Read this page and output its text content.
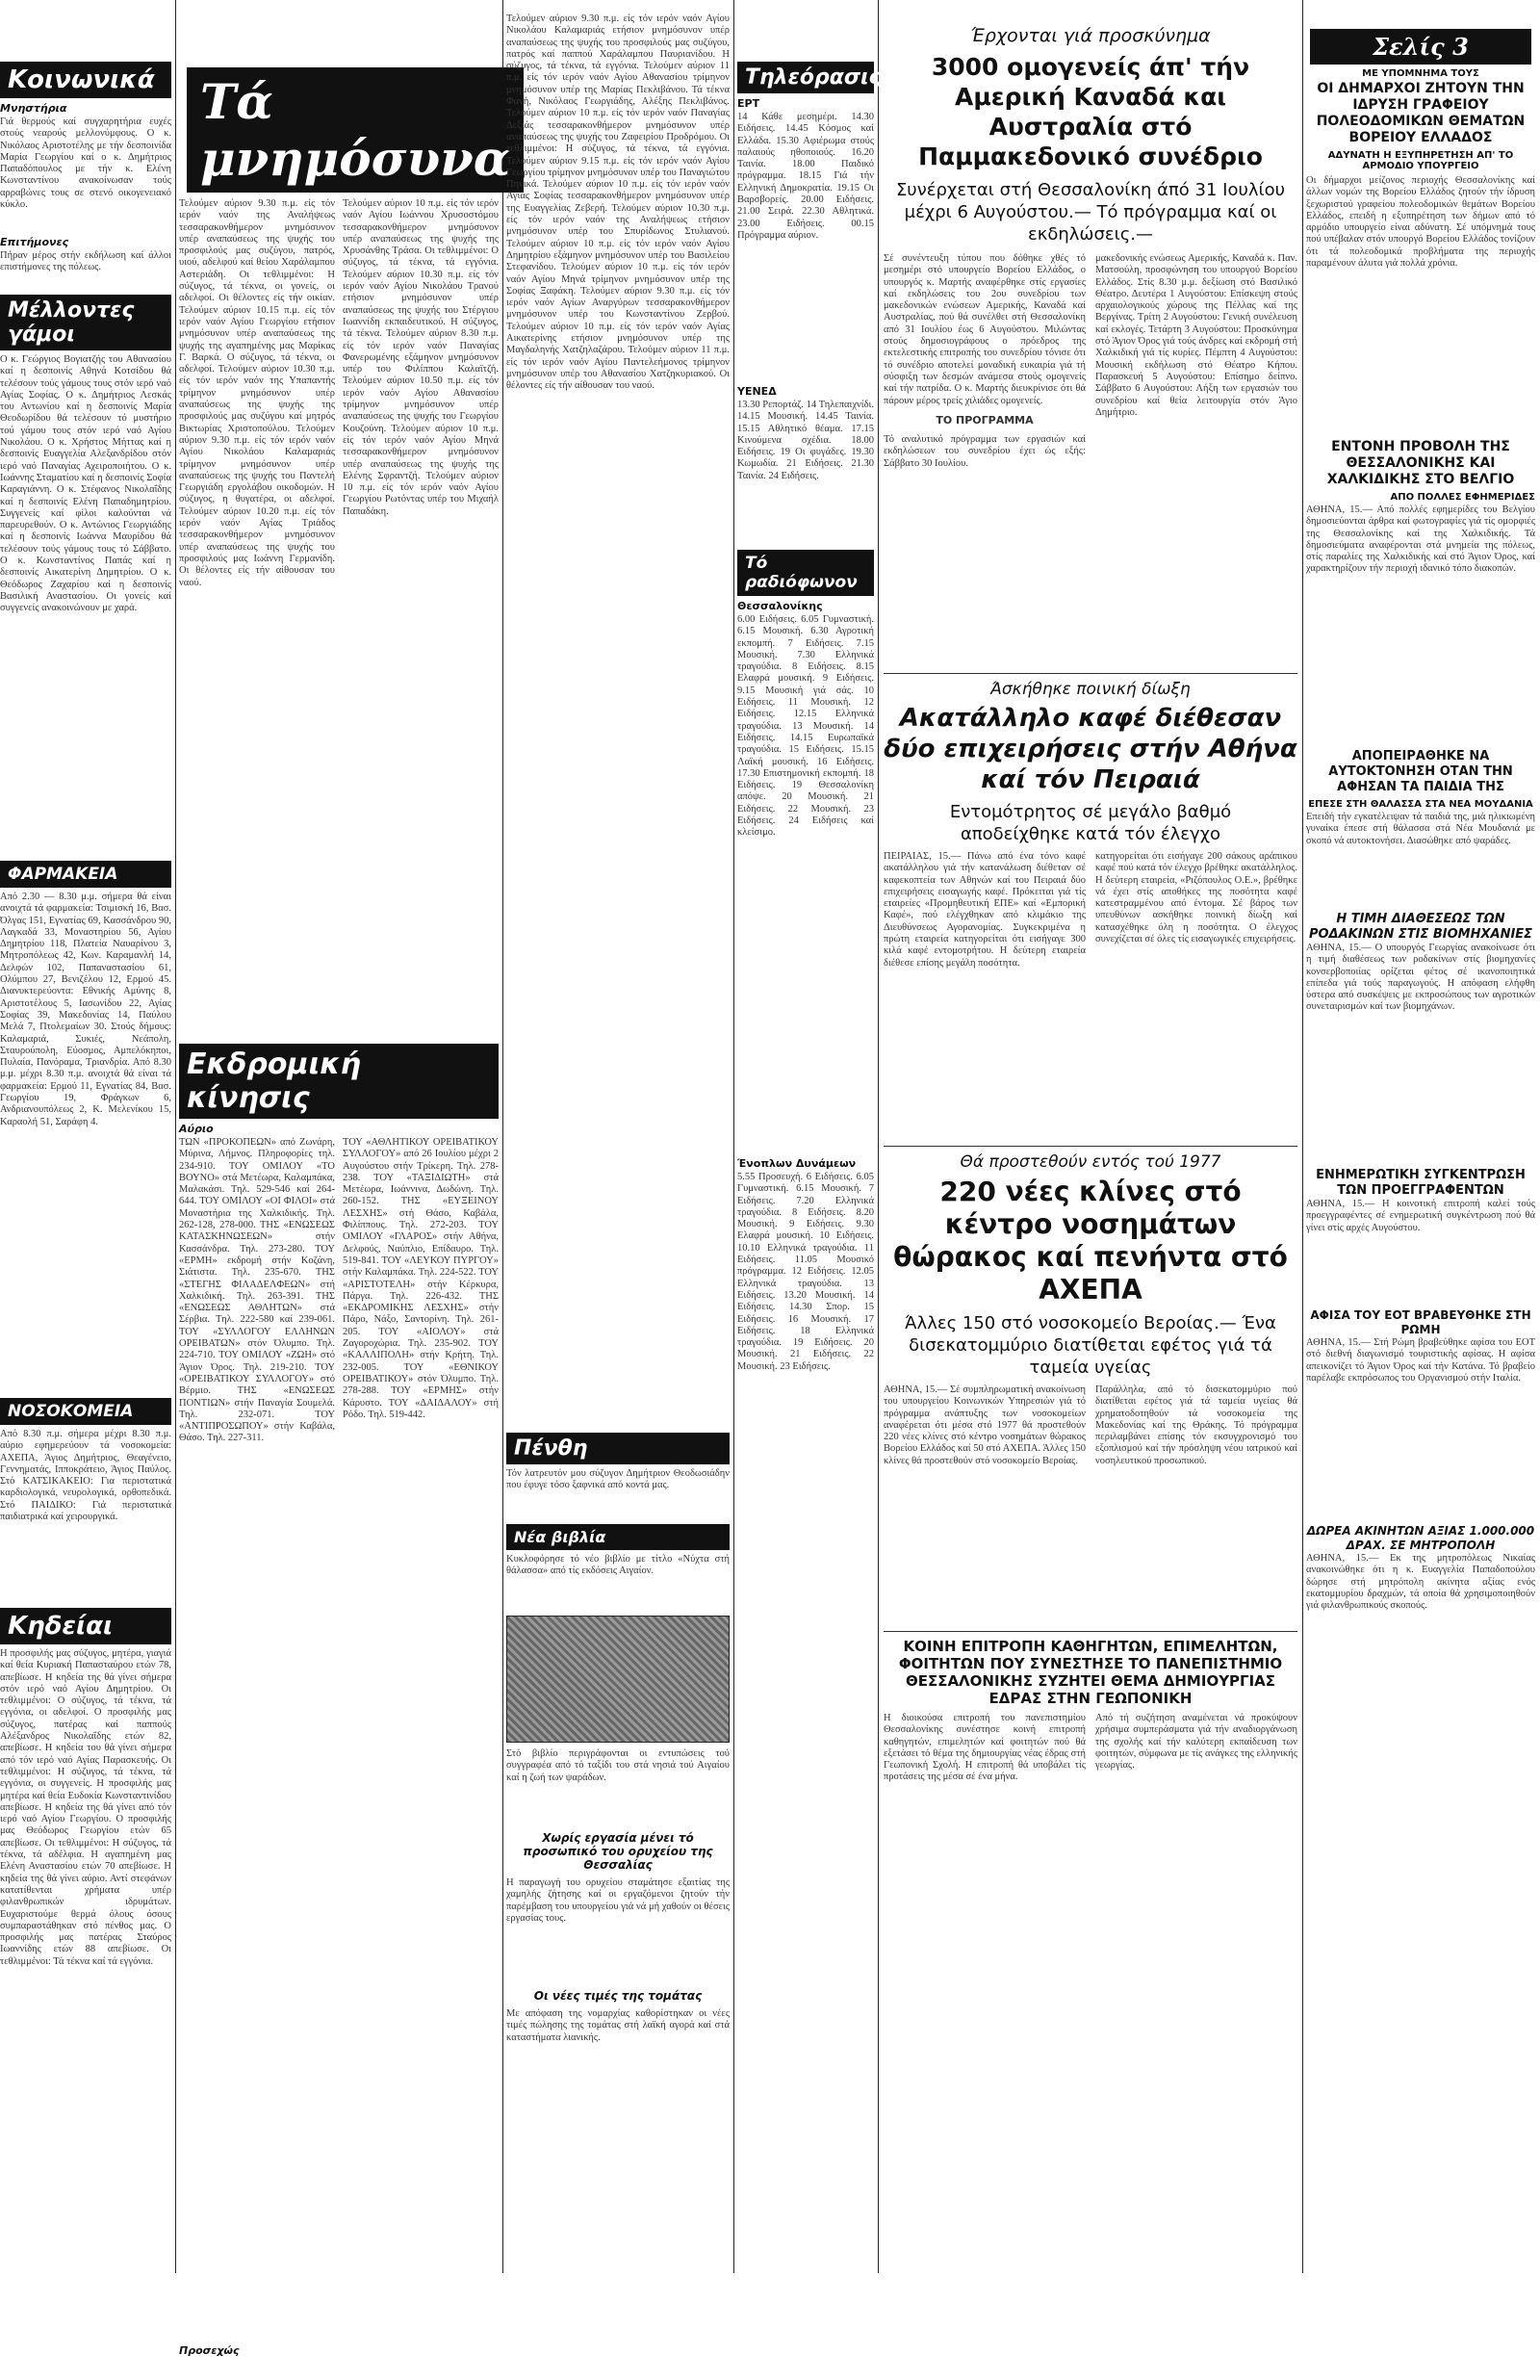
Κοινωνικά
Μνηστήρια
Γιά θερμούς καί συγχαρητήρια ευχές στούς νεαρούς μελλονύμφους. Ο κ. Νικόλαος Αριστοτέλης με τήν δεσποινίδα Μαρία Γεωργίου καί ο κ. Δημήτριος Παπαδόπουλος με τήν κ. Ελένη Κωνσταντίνου ανακοίνωσαν τούς αρραβώνες τους σε στενό οικογενειακό κύκλο.
Επιτήμονες
Πήραν μέρος στήν εκδήλωση καί άλλοι επιστήμονες της πόλεως.
Μέλλοντες γάμοι
Ο κ. Γεώργιος Βογιατζής του Αθανασίου καί η δεσποινίς Αθηνά Κοτσίδου θά τελέσουν τούς γάμους τους στόν ιερό ναό Αγίας Σοφίας. Ο κ. Δημήτριος Λεσκάς του Αντωνίου καί η δεσποινίς Μαρία Θεοδωρίδου θά τελέσουν τό μυστήριο τού γάμου τους στόν ιερό ναό Αγίου Νικολάου. Ο κ. Χρήστος Μήττας καί η δεσποινίς Ευαγγελία Αλεξανδρίδου στόν ιερό ναό Παναγίας Αχειροποιήτου. Ο κ. Ιωάννης Σταματίου καί η δεσποινίς Σοφία Καραγιάννη. Ο κ. Στέφανος Νικολαΐδης καί η δεσποινίς Ελένη Παπαδημητρίου. Συγγενείς καί φίλοι καλούνται νά παρευρεθούν. Ο κ. Αντώνιος Γεωργιάδης καί η δεσποινίς Ιωάννα Μαυρίδου θά τελέσουν τούς γάμους τους τό Σάββατο. Ο κ. Κωνσταντίνος Παπάς καί η δεσποινίς Αικατερίνη Δημητρίου. Ο κ. Θεόδωρος Ζαχαρίου καί η δεσποινίς Βασιλική Αναστασίου. Οι γονείς καί συγγενείς ανακοινώνουν με χαρά.
ΦΑΡΜΑΚΕΙΑ
Από 2.30 — 8.30 μ.μ. σήμερα θά είναι ανοιχτά τά φαρμακεία: Τσιμισκή 16, Βασ. Όλγας 151, Εγνατίας 69, Κασσάνδρου 90, Λαγκαδά 33, Μοναστηρίου 56, Αγίου Δημητρίου 118, Πλατεία Ναυαρίνου 3, Μητροπόλεως 42, Κων. Καραμανλή 14, Δελφών 102, Παπαναστασίου 61, Ολύμπου 27, Βενιζέλου 12, Ερμού 45. Διανυκτερεύοντα: Εθνικής Αμύνης 8, Αριστοτέλους 5, Ιασωνίδου 22, Αγίας Σοφίας 39, Μακεδονίας 14, Παύλου Μελά 7, Πτολεμαίων 30. Στούς δήμους: Καλαμαριά, Συκιές, Νεάπολη, Σταυρούπολη, Εύοσμος, Αμπελόκηποι, Πυλαία, Πανόραμα, Τριανδρία. Από 8.30 μ.μ. μέχρι 8.30 π.μ. ανοιχτά θά είναι τά φαρμακεία: Ερμού 11, Εγνατίας 84, Βασ. Γεωργίου 19, Φράγκων 6, Ανδριανουπόλεως 2, Κ. Μελενίκου 15, Καραολή 51, Σαράφη 4.
ΝΟΣΟΚΟΜΕΙΑ
Από 8.30 π.μ. σήμερα μέχρι 8.30 π.μ. αύριο εφημερεύουν τά νοσοκομεία: ΑΧΕΠΑ, Άγιος Δημήτριος, Θεαγένειο, Γεννηματάς, Ιπποκράτειο, Άγιος Παύλος. Στό ΚΑΤΣΙΚΑΚΕΙΟ: Για περιστατικά καρδιολογικά, νευρολογικά, ορθοπεδικά. Στό ΠΑΙΔΙΚΟ: Γιά περιστατικά παιδιατρικά καί χειρουργικά.
Κηδείαι
Η προσφιλής μας σύζυγος, μητέρα, γιαγιά καί θεία Κυριακή Παπασταύρου ετών 78, απεβίωσε. Η κηδεία της θά γίνει σήμερα στόν ιερό ναό Αγίου Δημητρίου. Οι τεθλιμμένοι: Ο σύζυγος, τά τέκνα, τά εγγόνια, οι αδελφοί. Ο προσφιλής μας σύζυγος, πατέρας καί παππούς Αλέξανδρος Νικολαΐδης ετών 82, απεβίωσε. Η κηδεία του θά γίνει σήμερα από τόν ιερό ναό Αγίας Παρασκευής. Οι τεθλιμμένοι: Η σύζυγος, τά τέκνα, τά εγγόνια, οι συγγενείς. Η προσφιλής μας μητέρα καί θεία Ευδοκία Κωνσταντινίδου απεβίωσε. Η κηδεία της θά γίνει από τόν ιερό ναό Αγίου Γεωργίου. Ο προσφιλής μας Θεόδωρος Γεωργίου ετών 65 απεβίωσε. Οι τεθλιμμένοι: Η σύζυγος, τά τέκνα, τά αδέλφια. Η αγαπημένη μας Ελένη Αναστασίου ετών 70 απεβίωσε. Η κηδεία της θά γίνει αύριο. Αντί στεφάνων κατατίθενται χρήματα υπέρ φιλανθρωπικών ιδρυμάτων. Ευχαριστούμε θερμά όλους όσους συμπαραστάθηκαν στό πένθος μας. Ο προσφιλής μας πατέρας Σταύρος Ιωαννίδης ετών 88 απεβίωσε. Οι τεθλιμμένοι: Τά τέκνα καί τά εγγόνια.
Τά μνημόσυνα
Τελούμεν αύριον 9.30 π.μ. είς τόν ιερόν ναόν της Αναλήψεως τεσσαρακονθήμερον μνημόσυνον υπέρ αναπαύσεως της ψυχής του προσφιλούς μας συζύγου, πατρός, υιού, αδελφού καί θείου Χαράλαμπου Αστεριάδη. Οι τεθλιμμένοι: Η σύζυγος, τά τέκνα, οι γονείς, οι αδελφοί. Οι θέλοντες είς τήν οικίαν. Τελούμεν αύριον 10.15 π.μ. είς τόν ιερόν ναόν Αγίου Γεωργίου ετήσιον μνημόσυνον υπέρ αναπαύσεως της ψυχής της αγαπημένης μας Μαρίκας Γ. Βαρκά. Ο σύζυγος, τά τέκνα, οι αδελφοί. Τελούμεν αύριον 10.30 π.μ. είς τόν ιερόν ναόν της Υπαπαντής τρίμηνον μνημόσυνον υπέρ αναπαύσεως της ψυχής της προσφιλούς μας συζύγου καί μητρός Βικτωρίας Χριστοπούλου. Τελούμεν αύριον 9.30 π.μ. είς τόν ιερόν ναόν Αγίου Νικολάου Καλαμαριάς τρίμηνον μνημόσυνον υπέρ αναπαύσεως της ψυχής του Παντελή Γεωργιάδη εργολάβου οικοδομών. Η σύζυγος, η θυγατέρα, οι αδελφοί. Τελούμεν αύριον 10.20 π.μ. είς τόν ιερόν ναόν Αγίας Τριάδος τεσσαρακονθήμερον μνημόσυνον υπέρ αναπαύσεως της ψυχής του προσφιλούς μας Ιωάννη Γερμανίδη. Οι θέλοντες είς τήν αίθουσαν του ναού.
Τελούμεν αύριον 10 π.μ. είς τόν ιερόν ναόν Αγίου Ιωάννου Χρυσοστόμου τεσσαρακονθήμερον μνημόσυνον υπέρ αναπαύσεως της ψυχής της Χρυσάνθης Τράσα. Οι τεθλιμμένοι: Ο σύζυγος, τά τέκνα, τά εγγόνια. Τελούμεν αύριον 10.30 π.μ. είς τόν ιερόν ναόν Αγίου Νικολάου Τρανού ετήσιον μνημόσυνον υπέρ αναπαύσεως της ψυχής του Στέργιου Ιωαννίδη εκπαιδευτικού. Η σύζυγος, τά τέκνα. Τελούμεν αύριον 8.30 π.μ. είς τόν ιερόν ναόν Παναγίας Φανερωμένης εξάμηνον μνημόσυνον υπέρ του Φιλίππου Καλαϊτζή. Τελούμεν αύριον 10.50 π.μ. είς τόν ιερόν ναόν Αγίου Αθανασίου τρίμηνον μνημόσυνον υπέρ αναπαύσεως της ψυχής του Γεωργίου Κουζούνη. Τελούμεν αύριον 10 π.μ. είς τόν ιερόν ναόν Αγίου Μηνά τεσσαρακονθήμερον μνημόσυνον υπέρ αναπαύσεως της ψυχής της Ελένης Σφραντζή. Τελούμεν αύριον 10 π.μ. είς τόν ιερόν ναόν Αγίου Γεωργίου Ρωτόντας υπέρ του Μιχαήλ Παπαδάκη.
Εκδρομική κίνησις
Αύριο
ΤΩΝ «ΠΡΟΚΟΠΕΩΝ» από Ζωνάρη, Μύρινα, Λήμνος. Πληροφορίες τηλ. 234-910. ΤΟΥ ΟΜΙΛΟΥ «ΤΟ ΒΟΥΝΟ» στά Μετέωρα, Καλαμπάκα, Μαλακάσι. Τηλ. 529-546 καί 264-644. ΤΟΥ ΟΜΙΛΟΥ «ΟΙ ΦΙΛΟΙ» στά Μοναστήρια της Χαλκιδικής. Τηλ. 262-128, 278-000. ΤΗΣ «ΕΝΩΣΕΩΣ ΚΑΤΑΣΚΗΝΩΣΕΩΝ» στήν Κασσάνδρα. Τηλ. 273-280. ΤΟΥ «ΕΡΜΗ» εκδρομή στήν Κοζάνη, Σιάτιστα. Τηλ. 235-670. ΤΗΣ «ΣΤΕΓΗΣ ΦΙΛΑΔΕΛΦΕΩΝ» στή Χαλκιδική. Τηλ. 263-391. ΤΗΣ «ΕΝΩΣΕΩΣ ΑΘΛΗΤΩΝ» στά Σέρβια. Τηλ. 222-580 καί 239-061. ΤΟΥ «ΣΥΛΛΟΓΟΥ ΕΛΛΗΝΩΝ ΟΡΕΙΒΑΤΩΝ» στόν Όλυμπο. Τηλ. 224-710. ΤΟΥ ΟΜΙΛΟΥ «ΖΩΗ» στό Άγιον Όρος. Τηλ. 219-210. ΤΟΥ «ΟΡΕΙΒΑΤΙΚΟΥ ΣΥΛΛΟΓΟΥ» στό Βέρμιο. ΤΗΣ «ΕΝΩΣΕΩΣ ΠΟΝΤΙΩΝ» στήν Παναγία Σουμελά. Τηλ. 232-071. ΤΟΥ «ΑΝΤΙΠΡΟΣΩΠΟΥ» στήν Καβάλα, Θάσο. Τηλ. 227-311.
ΤΟΥ «ΑΘΛΗΤΙΚΟΥ ΟΡΕΙΒΑΤΙΚΟΥ ΣΥΛΛΟΓΟΥ» από 26 Ιουλίου μέχρι 2 Αυγούστου στήν Τρίκερη. Τηλ. 278-238. ΤΟΥ «ΤΑΞΙΔΙΩΤΗ» στά Μετέωρα, Ιωάννινα, Δωδώνη. Τηλ. 260-152. ΤΗΣ «ΕΥΞΕΙΝΟΥ ΛΕΣΧΗΣ» στή Θάσο, Καβάλα, Φιλίππους. Τηλ. 272-203. ΤΟΥ ΟΜΙΛΟΥ «ΓΛΑΡΟΣ» στήν Αθήνα, Δελφούς, Ναύπλιο, Επίδαυρο. Τηλ. 519-841. ΤΟΥ «ΛΕΥΚΟΥ ΠΥΡΓΟΥ» στήν Καλαμπάκα. Τηλ. 224-522. ΤΟΥ «ΑΡΙΣΤΟΤΕΛΗ» στήν Κέρκυρα, Πάργα. Τηλ. 226-432. ΤΗΣ «ΕΚΔΡΟΜΙΚΗΣ ΛΕΣΧΗΣ» στήν Πάρο, Νάξο, Σαντορίνη. Τηλ. 261-205. ΤΟΥ «ΑΙΟΛΟΥ» στά Ζαγοροχώρια. Τηλ. 235-902. ΤΟΥ «ΚΑΛΛΙΠΟΛΗ» στήν Κρήτη. Τηλ. 232-005. ΤΟΥ «ΕΘΝΙΚΟΥ ΟΡΕΙΒΑΤΙΚΟΥ» στόν Όλυμπο. Τηλ. 278-288. ΤΟΥ «ΕΡΜΗΣ» στήν Κάρυστο. ΤΟΥ «ΔΑΙΔΑΛΟΥ» στή Ρόδο. Τηλ. 519-442.
Προσεχώς
Τελούμεν αύριον 9.30 π.μ. είς τόν ιερόν ναόν Αγίου Νικολάου Καλαμαριάς ετήσιον μνημόσυνον υπέρ αναπαύσεως της ψυχής του προσφιλούς μας συζύγου, πατρός καί παππού Χαράλαμπου Παυριανίδου. Η σύζυγος, τά τέκνα, τά εγγόνια. Τελούμεν αύριον 11 π.μ. είς τόν ιερόν ναόν Αγίου Αθανασίου τρίμηνον μνημόσυνον υπέρ της Μαρίας Πεκλιβάνου. Τά τέκνα Φανή, Νικόλαος Γεωργιάδης, Αλέξης Πεκλιβάνος. Τελούμεν αύριον 10 π.μ. είς τόν ιερόν ναόν Παναγίας Δεξιάς τεσσαρακονθήμερον μνημόσυνον υπέρ αναπαύσεως της ψυχής του Ζαφειρίου Προδρόμου. Οι τεθλιμμένοι: Η σύζυγος, τά τέκνα, τά εγγόνια. Τελούμεν αύριον 9.15 π.μ. είς τόν ιερόν ναόν Αγίου Γεωργίου τρίμηνον μνημόσυνον υπέρ του Παναγιώτου Πηνικά. Τελούμεν αύριον 10 π.μ. είς τόν ιερόν ναόν Αγίας Σοφίας τεσσαρακονθήμερον μνημόσυνον υπέρ της Ευαγγελίας Ζεβερή. Τελούμεν αύριον 10.30 π.μ. είς τόν ιερόν ναόν της Αναλήψεως ετήσιον μνημόσυνον υπέρ του Σπυρίδωνος Στυλιανού. Τελούμεν αύριον 10 π.μ. είς τόν ιερόν ναόν Αγίου Δημητρίου εξάμηνον μνημόσυνον υπέρ του Βασιλείου Στεφανίδου. Τελούμεν αύριον 10 π.μ. είς τόν ιερόν ναόν Αγίου Μηνά τρίμηνον μνημόσυνον υπέρ της Σοφίας Ξαφάκη. Τελούμεν αύριον 9.30 π.μ. είς τόν ιερόν ναόν Αγίων Αναργύρων τεσσαρακονθήμερον μνημόσυνον υπέρ του Κωνσταντίνου Ζερβού. Τελούμεν αύριον 10 π.μ. είς τόν ιερόν ναόν Αγίας Αικατερίνης ετήσιον μνημόσυνον υπέρ της Μαγδαληνής Χατζηλαζάρου. Τελούμεν αύριον 11 π.μ. είς τόν ιερόν ναόν Αγίου Παντελεήμονος τρίμηνον μνημόσυνον υπέρ του Αθανασίου Χατζηκυριακού. Οι θέλοντες είς τήν αίθουσαν του ναού.
Πένθη
Τόν λατρευτόν μου σύζυγον Δημήτριον Θεοδωσιάδην που έφυγε τόσο ξαφνικά από κοντά μας.
Νέα βιβλία
Κυκλοφόρησε τό νέο βιβλίο με τίτλο «Νύχτα στή θάλασσα» από τίς εκδόσεις Αιγαίον.
Στό βιβλίο περιγράφονται οι εντυπώσεις τού συγγραφέα από τό ταξίδι του στά νησιά τού Αιγαίου καί η ζωή των ψαράδων.
Χωρίς εργασία μένει τό προσωπικό του ορυχείου της Θεσσαλίας
Η παραγωγή του ορυχείου σταμάτησε εξαιτίας της χαμηλής ζήτησης καί οι εργαζόμενοι ζητούν τήν παρέμβαση του υπουργείου γιά νά μή χαθούν οι θέσεις εργασίας τους.
Οι νέες τιμές της τομάτας
Με απόφαση της νομαρχίας καθορίστηκαν οι νέες τιμές πώλησης της τομάτας στή λαϊκή αγορά καί στά καταστήματα λιανικής.
Τηλεόρασις
ΕΡΤ
14 Κάθε μεσημέρι. 14.30 Ειδήσεις. 14.45 Κόσμος καί Ελλάδα. 15.30 Αφιέρωμα στούς παλαιούς ηθοποιούς. 16.20 Ταινία. 18.00 Παιδικό πρόγραμμα. 18.15 Γιά τήν Ελληνική Δημοκρατία. 19.15 Οι Βαρσβορείς. 20.00 Ειδήσεις. 21.00 Σειρά. 22.30 Αθλητικά. 23.00 Ειδήσεις. 00.15 Πρόγραμμα αύριον.
ΥΕΝΕΔ
13.30 Ρεπορτάζ. 14 Τηλεπαιχνίδι. 14.15 Μουσική. 14.45 Ταινία. 15.15 Αθλητικό θέαμα. 17.15 Κινούμενα σχέδια. 18.00 Ειδήσεις. 19 Οι φυγάδες. 19.30 Κωμωδία. 21 Ειδήσεις. 21.30 Ταινία. 24 Ειδήσεις.
Τό ραδιόφωνον
Θεσσαλονίκης
6.00 Ειδήσεις. 6.05 Γυμναστική. 6.15 Μουσική. 6.30 Αγροτική εκπομπή. 7 Ειδήσεις. 7.15 Μουσική. 7.30 Ελληνικά τραγούδια. 8 Ειδήσεις. 8.15 Ελαφρά μουσική. 9 Ειδήσεις. 9.15 Μουσική γιά σάς. 10 Ειδήσεις. 11 Μουσική. 12 Ειδήσεις. 12.15 Ελληνικά τραγούδια. 13 Μουσική. 14 Ειδήσεις. 14.15 Ευρωπαϊκά τραγούδια. 15 Ειδήσεις. 15.15 Λαϊκή μουσική. 16 Ειδήσεις. 17.30 Επιστημονική εκπομπή. 18 Ειδήσεις. 19 Θεσσαλονίκη απόψε. 20 Μουσική. 21 Ειδήσεις. 22 Μουσική. 23 Ειδήσεις. 24 Ειδήσεις καί κλείσιμο.
Ένοπλων Δυνάμεων
5.55 Προσευχή. 6 Ειδήσεις. 6.05 Γυμναστική. 6.15 Μουσική. 7 Ειδήσεις. 7.20 Ελληνικά τραγούδια. 8 Ειδήσεις. 8.20 Μουσική. 9 Ειδήσεις. 9.30 Ελαφρά μουσική. 10 Ειδήσεις. 10.10 Ελληνικά τραγούδια. 11 Ειδήσεις. 11.05 Μουσικό πρόγραμμα. 12 Ειδήσεις. 12.05 Ελληνικά τραγούδια. 13 Ειδήσεις. 13.20 Μουσική. 14 Ειδήσεις. 14.30 Σπορ. 15 Ειδήσεις. 16 Μουσική. 17 Ειδήσεις. 18 Ελληνικά τραγούδια. 19 Ειδήσεις. 20 Μουσική. 21 Ειδήσεις. 22 Μουσική. 23 Ειδήσεις.
Έρχονται γιά προσκύνημα
3000 ομογενείς άπ' τήν Αμερική Καναδά και Αυστραλία στό Παμμακεδονικό συνέδριο
Συνέρχεται στή Θεσσαλονίκη άπό 31 Ιουλίου μέχρι 6 Αυγούστου.— Τό πρόγραμμα καί οι εκδηλώσεις.—
Σέ συνέντευξη τύπου που δόθηκε χθές τό μεσημέρι στό υπουργείο Βορείου Ελλάδος, ο υπουργός κ. Μαρτής αναφέρθηκε στίς εργασίες καί εκδηλώσεις του 2ου συνεδρίου των μακεδονικών ενώσεων Αμερικής, Καναδά καί Αυστραλίας, πού θά συνέλθει στή Θεσσαλονίκη από 31 Ιουλίου έως 6 Αυγούστου. Μιλώντας στούς δημοσιογράφους ο πρόεδρος της εκτελεστικής επιτροπής του συνεδρίου τόνισε ότι τό συνέδριο αποτελεί μοναδική ευκαιρία γιά τή σύσφιξη των δεσμών ανάμεσα στούς ομογενείς καί τήν πατρίδα. Ο κ. Μαρτής διευκρίνισε ότι θά πάρουν μέρος τρείς χιλιάδες ομογενείς.
ΤΟ ΠΡΟΓΡΑΜΜΑ
Τό αναλυτικό πρόγραμμα των εργασιών καί εκδηλώσεων του συνεδρίου έχει ώς εξής: Σάββατο 30 Ιουλίου.
μακεδονικής ενώσεως Αμερικής, Καναδά κ. Παν. Ματσούλη, προσφώνηση του υπουργού Βορείου Ελλάδος. Στίς 8.30 μ.μ. δεξίωση στό Βασιλικό Θέατρο. Δευτέρα 1 Αυγούστου: Επίσκεψη στούς αρχαιολογικούς χώρους της Πέλλας καί της Βεργίνας. Τρίτη 2 Αυγούστου: Γενική συνέλευση καί εκλογές. Τετάρτη 3 Αυγούστου: Προσκύνημα στό Άγιον Όρος γιά τούς άνδρες καί εκδρομή στή Χαλκιδική γιά τίς κυρίες. Πέμπτη 4 Αυγούστου: Μουσική εκδήλωση στό Θέατρο Κήπου. Παρασκευή 5 Αυγούστου: Επίσημο δείπνο. Σάββατο 6 Αυγούστου: Λήξη των εργασιών του συνεδρίου καί θεία λειτουργία στόν Άγιο Δημήτριο.
Άσκήθηκε ποινική δίωξη
Ακατάλληλο καφέ διέθεσαν δύο επιχειρήσεις στήν Αθήνα καί τόν Πειραιά
Εντομότρητος σέ μεγάλο βαθμό αποδείχθηκε κατά τόν έλεγχο
ΠΕΙΡΑΙΑΣ, 15.— Πάνω από ένα τόνο καφέ ακατάλληλου γιά τήν κατανάλωση διέθεταν σέ καφεκοπτεία των Αθηνών καί του Πειραιά δύο επιχειρήσεις εισαγωγής καφέ. Πρόκειται γιά τίς εταιρείες «Προμηθευτική ΕΠΕ» καί «Εμπορική Καφέ», πού ελέγχθηκαν από κλιμάκιο της Διευθύνσεως Αγορανομίας. Συγκεκριμένα η πρώτη εταιρεία κατηγορείται ότι εισήγαγε 300 κιλά καφέ εντομοτρήτου. Η δεύτερη εταιρεία διέθεσε επίσης μεγάλη ποσότητα.
κατηγορείται ότι εισήγαγε 200 σάκους αράπικου καφέ πού κατά τόν έλεγχο βρέθηκε ακατάλληλος. Η δεύτερη εταιρεία, «Ριζόπουλος Ο.Ε.», βρέθηκε νά έχει στίς αποθήκες της ποσότητα καφέ κατεστραμμένου από έντομα. Σέ βάρος των υπευθύνων ασκήθηκε ποινική δίωξη καί κατασχέθηκε όλη η ποσότητα. Ο έλεγχος συνεχίζεται σέ όλες τίς εισαγωγικές επιχειρήσεις.
Θά προστεθούν εντός τού 1977
220 νέες κλίνες στό κέντρο νοσημάτων θώρακος καί πενήντα στό ΑΧΕΠΑ
Άλλες 150 στό νοσοκομείο Βεροίας.— Ένα δισεκατομμύριο διατίθεται εφέτος γιά τά ταμεία υγείας
ΑΘΗΝΑ, 15.— Σέ συμπληρωματική ανακοίνωση του υπουργείου Κοινωνικών Υπηρεσιών γιά τό πρόγραμμα ανάπτυξης των νοσοκομείων αναφέρεται ότι μέσα στό 1977 θά προστεθούν 220 νέες κλίνες στό κέντρο νοσημάτων θώρακος Βορείου Ελλάδος καί 50 στό ΑΧΕΠΑ. Άλλες 150 κλίνες θά προστεθούν στό νοσοκομείο Βεροίας.
Παράλληλα, από τό δισεκατομμύριο πού διατίθεται εφέτος γιά τά ταμεία υγείας θά χρηματοδοτηθούν τά νοσοκομεία της Μακεδονίας καί της Θράκης. Τό πρόγραμμα περιλαμβάνει επίσης τόν εκσυγχρονισμό του εξοπλισμού καί τήν πρόσληψη νέου ιατρικού καί νοσηλευτικού προσωπικού.
ΚΟΙΝΗ ΕΠΙΤΡΟΠΗ ΚΑΘΗΓΗΤΩΝ, ΕΠΙΜΕΛΗΤΩΝ, ΦΟΙΤΗΤΩΝ ΠΟΥ ΣΥΝΕΣΤΗΣΕ ΤΟ ΠΑΝΕΠΙΣΤΗΜΙΟ ΘΕΣΣΑΛΟΝΙΚΗΣ ΣΥΖΗΤΕΙ ΘΕΜΑ ΔΗΜΙΟΥΡΓΙΑΣ ΕΔΡΑΣ ΣΤΗΝ ΓΕΩΠΟΝΙΚΗ
Η διοικούσα επιτροπή του πανεπιστημίου Θεσσαλονίκης συνέστησε κοινή επιτροπή καθηγητών, επιμελητών καί φοιτητών πού θά εξετάσει τό θέμα της δημιουργίας νέας έδρας στή Γεωπονική Σχολή. Η επιτροπή θά υποβάλει τίς προτάσεις της μέσα σέ ένα μήνα.
Από τή συζήτηση αναμένεται νά προκύψουν χρήσιμα συμπεράσματα γιά τήν αναδιοργάνωση της σχολής καί τήν καλύτερη εκπαίδευση των φοιτητών, σύμφωνα με τίς ανάγκες της ελληνικής γεωργίας.
Σελίς 3
ΜΕ ΥΠΟΜΝΗΜΑ ΤΟΥΣ
ΟΙ ΔΗΜΑΡΧΟΙ ΖΗΤΟΥΝ ΤΗΝ ΙΔΡΥΣΗ ΓΡΑΦΕΙΟΥ ΠΟΛΕΟΔΟΜΙΚΩΝ ΘΕΜΑΤΩΝ ΒΟΡΕΙΟΥ ΕΛΛΑΔΟΣ
ΑΔΥΝΑΤΗ Η ΕΞΥΠΗΡΕΤΗΣΗ ΑΠ' ΤΟ ΑΡΜΟΔΙΟ ΥΠΟΥΡΓΕΙΟ
Οι δήμαρχοι μείζονος περιοχής Θεσσαλονίκης καί άλλων νομών της Βορείου Ελλάδος ζητούν τήν ίδρυση ξεχωριστού γραφείου πολεοδομικών θεμάτων Βορείου Ελλάδος, επειδή η εξυπηρέτηση των δήμων από τό αρμόδιο υπουργείο είναι αδύνατη. Σέ υπόμνημά τους πού υπέβαλαν στόν υπουργό Βορείου Ελλάδος τονίζουν ότι τά πολεοδομικά προβλήματα της περιοχής παραμένουν άλυτα γιά πολλά χρόνια.
ΕΝΤΟΝΗ ΠΡΟΒΟΛΗ ΤΗΣ ΘΕΣΣΑΛΟΝΙΚΗΣ ΚΑΙ ΧΑΛΚΙΔΙΚΗΣ ΣΤΟ ΒΕΛΓΙΟ
ΑΠΟ ΠΟΛΛΕΣ ΕΦΗΜΕΡΙΔΕΣ
ΑΘΗΝΑ, 15.— Από πολλές εφημερίδες του Βελγίου δημοσιεύονται άρθρα καί φωτογραφίες γιά τίς ομορφιές της Θεσσαλονίκης καί της Χαλκιδικής. Τά δημοσιεύματα αναφέρονται στά μνημεία της πόλεως, στίς παραλίες της Χαλκιδικής καί στό Άγιον Όρος, καί χαρακτηρίζουν τήν περιοχή ιδανικό τόπο διακοπών.
ΑΠΟΠΕΙΡΑΘΗΚΕ ΝΑ ΑΥΤΟΚΤΟΝΗΣΗ ΟΤΑΝ ΤΗΝ ΑΦΗΣΑΝ ΤΑ ΠΑΙΔΙΑ ΤΗΣ
ΕΠΕΣΕ ΣΤΗ ΘΑΛΑΣΣΑ ΣΤΑ ΝΕΑ ΜΟΥΔΑΝΙΑ
Επειδή τήν εγκατέλειψαν τά παιδιά της, μιά ηλικιωμένη γυναίκα έπεσε στή θάλασσα στά Νέα Μουδανιά με σκοπό νά αυτοκτονήσει. Διασώθηκε από ψαράδες.
Η ΤΙΜΗ ΔΙΑΘΕΣΕΩΣ ΤΩΝ ΡΟΔΑΚΙΝΩΝ ΣΤΙΣ ΒΙΟΜΗΧΑΝΙΕΣ
ΑΘΗΝΑ, 15.— Ο υπουργός Γεωργίας ανακοίνωσε ότι η τιμή διαθέσεως των ροδακίνων στίς βιομηχανίες κονσερβοποιίας ορίζεται φέτος σέ ικανοποιητικά επίπεδα γιά τούς παραγωγούς. Η απόφαση ελήφθη ύστερα από συσκέψεις με εκπροσώπους των αγροτικών συνεταιρισμών καί των βιομηχάνων.
ΕΝΗΜΕΡΩΤΙΚΗ ΣΥΓΚΕΝΤΡΩΣΗ ΤΩΝ ΠΡΟΕΓΓΡΑΦΕΝΤΩΝ
ΑΘΗΝΑ, 15.— Η κοινοτική επιτροπή καλεί τούς προεγγραφέντες σέ ενημερωτική συγκέντρωση πού θά γίνει στίς αρχές Αυγούστου.
ΑΦΙΣΑ ΤΟΥ ΕΟΤ ΒΡΑΒΕΥΘΗΚΕ ΣΤΗ ΡΩΜΗ
ΑΘΗΝΑ, 15.— Στή Ρώμη βραβεύθηκε αφίσα του ΕΟΤ στό διεθνή διαγωνισμό τουριστικής αφίσας. Η αφίσα απεικονίζει τό Άγιον Όρος καί τήν Κατάνα. Τό βραβείο παρέλαβε εκπρόσωπος του Οργανισμού στήν Ιταλία.
ΔΩΡΕΑ ΑΚΙΝΗΤΩΝ ΑΞΙΑΣ 1.000.000 ΔΡΑΧ. ΣΕ ΜΗΤΡΟΠΟΛΗ
ΑΘΗΝΑ, 15.— Εκ της μητροπόλεως Νικαίας ανακοινώθηκε ότι η κ. Ευαγγελία Παπαδοπούλου δώρησε στή μητρόπολη ακίνητα αξίας ενός εκατομμυρίου δραχμών, τά οποία θά χρησιμοποιηθούν γιά φιλανθρωπικούς σκοπούς.
